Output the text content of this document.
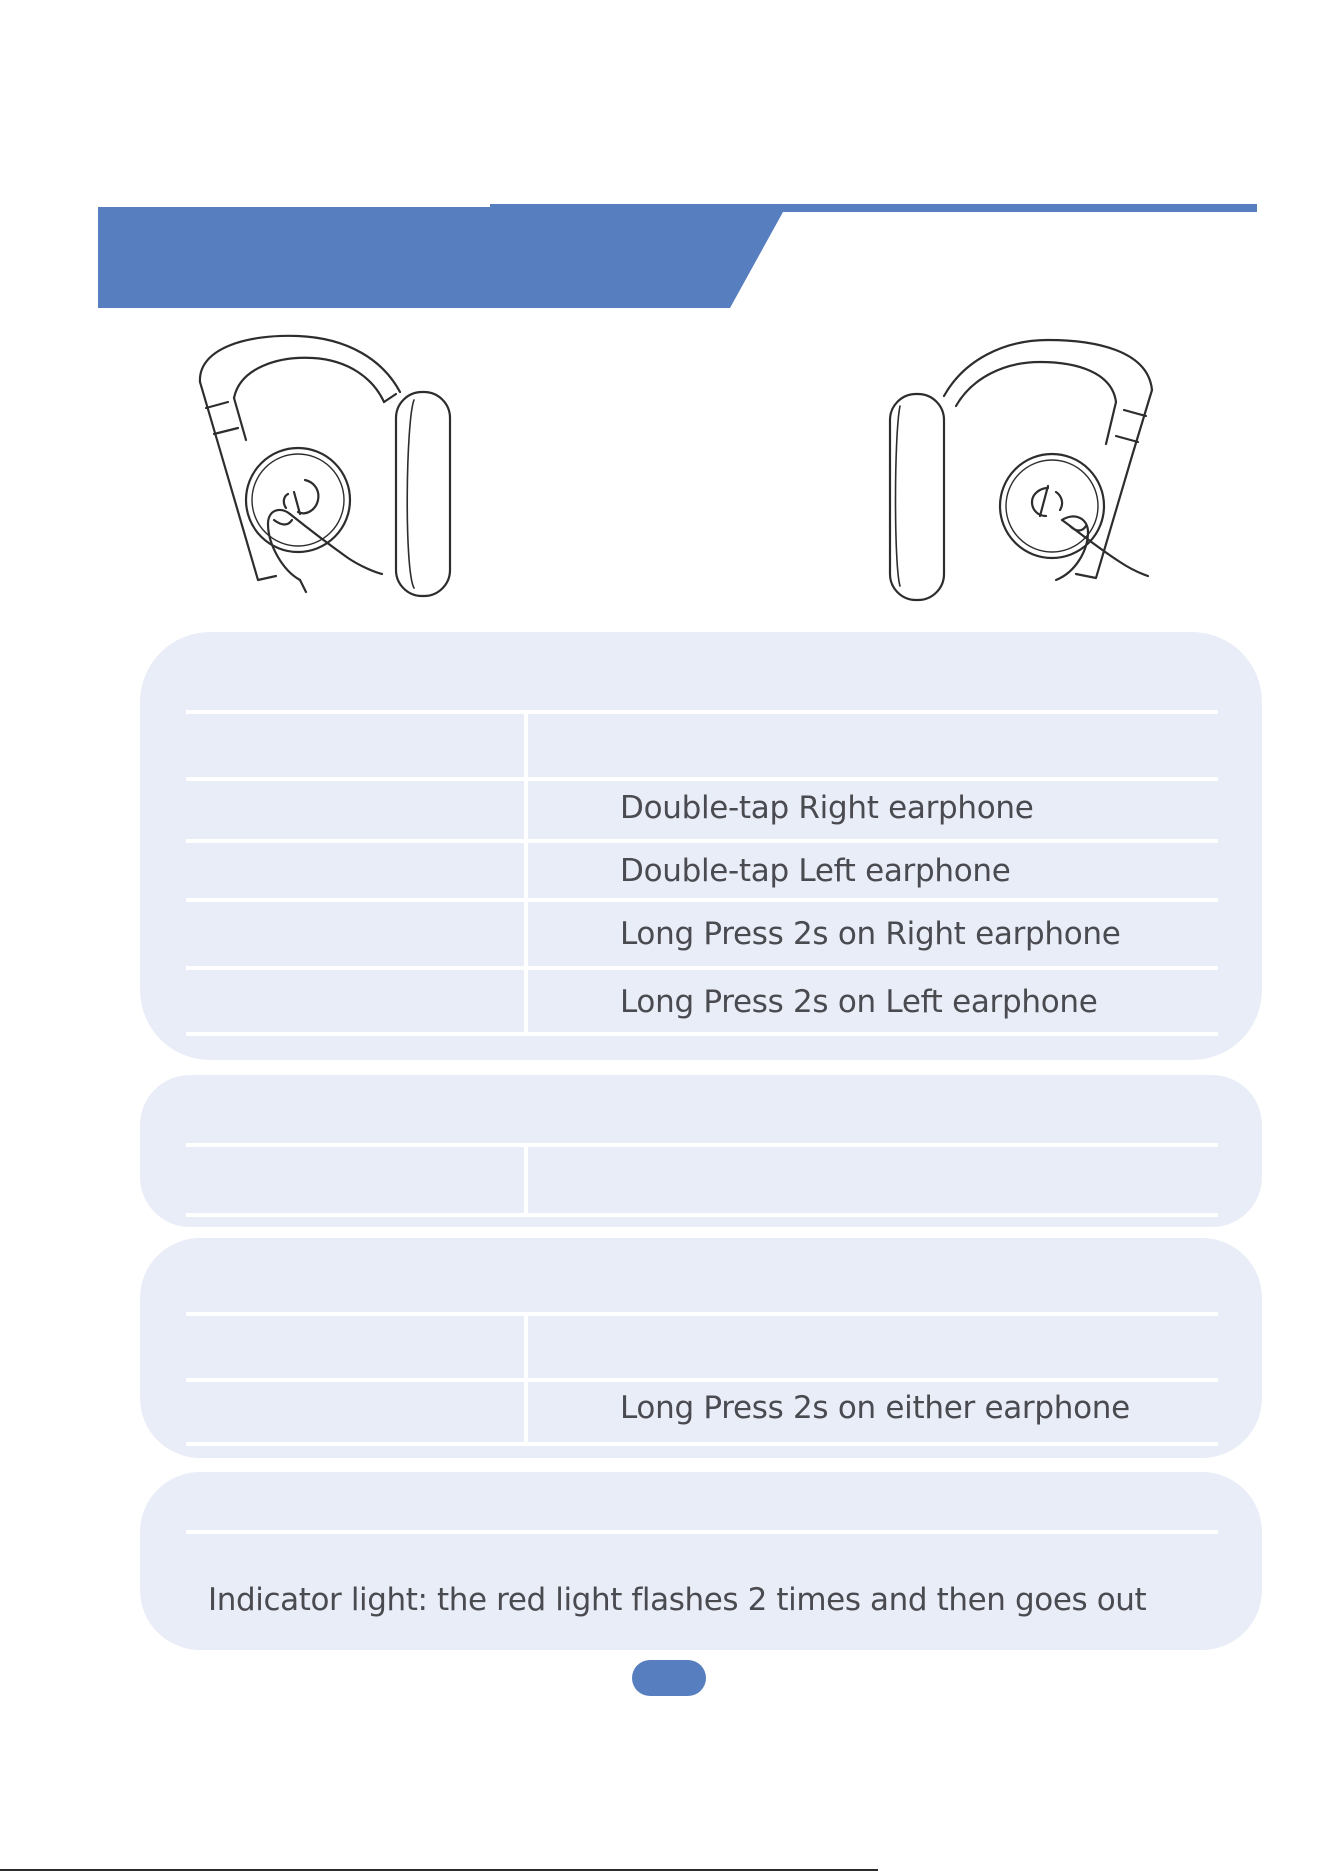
Double-tap Right earphone
Double-tap Left earphone
Long Press 2s on Right earphone
Long Press 2s on Left earphone
Long Press 2s on either earphone
Indicator light: the red light flashes 2 times and then goes out
